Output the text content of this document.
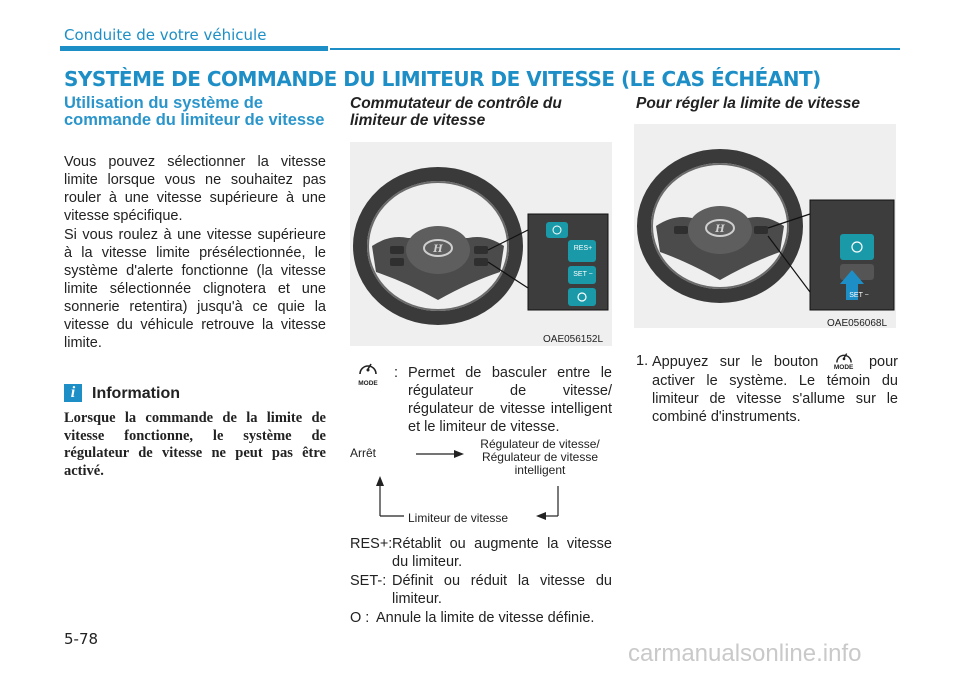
Conduite de votre véhicule
SYSTÈME DE COMMANDE DU LIMITEUR DE VITESSE (LE CAS ÉCHÉANT)
Utilisation du système de commande du limiteur de vitesse
Vous pouvez sélectionner la vitesse limite lorsque vous ne souhaitez pas rouler à une vitesse supérieure à une vitesse spécifique.
Si vous roulez à une vitesse supérieure à la vitesse limite présélectionnée, le système d'alerte fonctionne (la vitesse limite sélectionnée clignotera et une sonnerie retentira) jusqu'à ce quie la vitesse du véhicule retrouve la vitesse limite.
i	Information
Lorsque la commande de la limite de vitesse fonctionne, le système de régulateur de vitesse ne peut pas être activé.
Commutateur de contrôle du limiteur de vitesse
H	RES+
SET −
OAE056152L
MODE
: Permet de basculer entre le régulateur de vitesse/ régulateur de vitesse intelligent et le limiteur de vitesse.
Arrêt
Régulateur de vitesse/ Régulateur de vitesse intelligent
Limiteur de vitesse
RES+: Rétablit ou augmente la vitesse du limiteur.
SET-: Définit ou réduit la vitesse du limiteur.
O : Annule la limite de vitesse définie.
Pour régler la limite de vitesse
H
SET −
OAE056068L
1. Appuyez sur le bouton	MODE pour activer le système. Le témoin du limiteur de vitesse s'allume sur le combiné d'instruments.
5-78
carmanualsonline.info
